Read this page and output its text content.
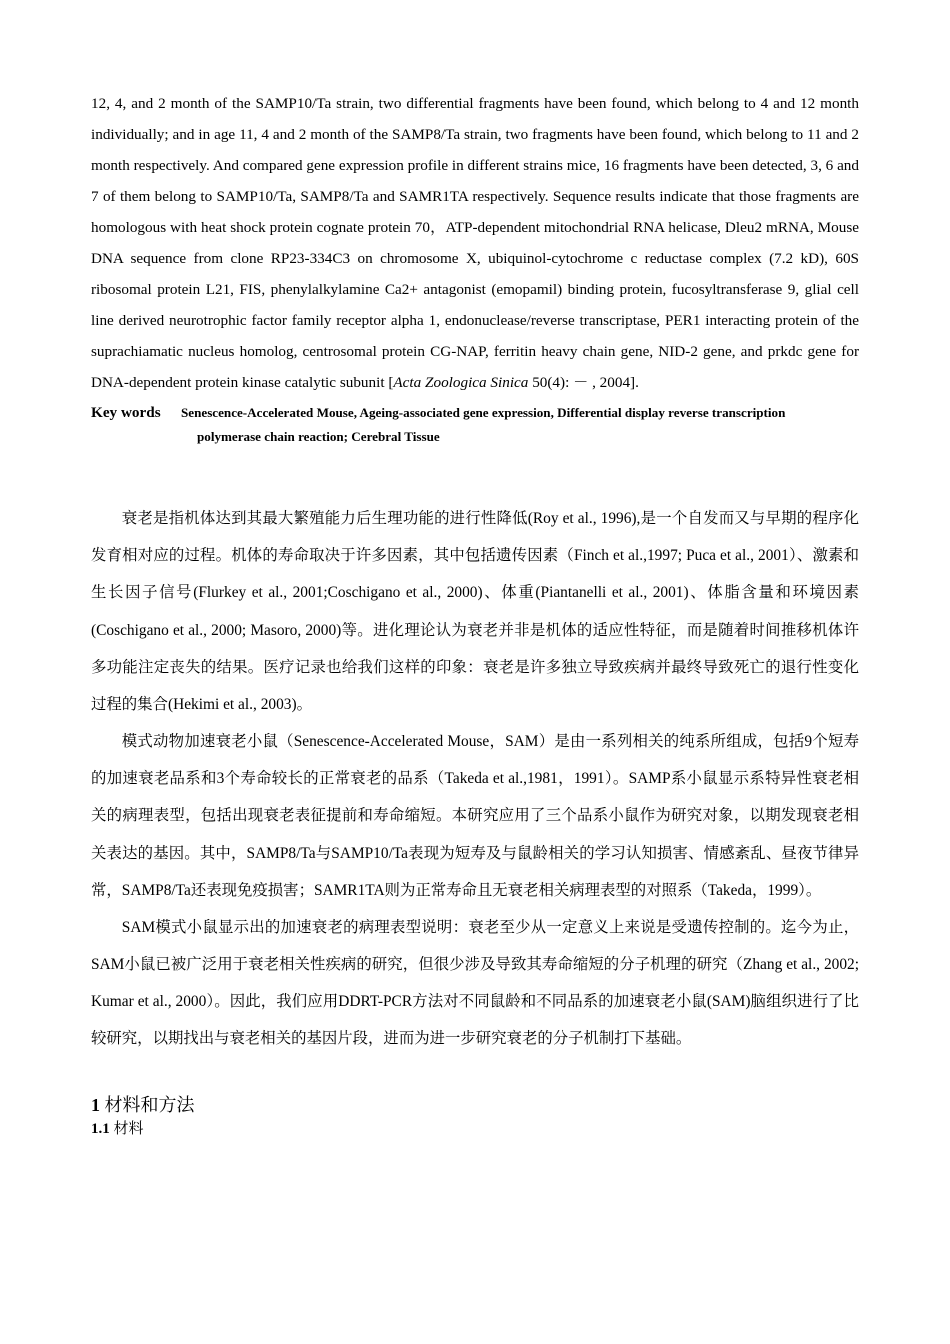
12, 4, and 2 month of the SAMP10/Ta strain, two differential fragments have been found, which belong to 4 and 12 month individually; and in age 11, 4 and 2 month of the SAMP8/Ta strain, two fragments have been found, which belong to 11 and 2 month respectively. And compared gene expression profile in different strains mice, 16 fragments have been detected, 3, 6 and 7 of them belong to SAMP10/Ta, SAMP8/Ta and SAMR1TA respectively. Sequence results indicate that those fragments are homologous with heat shock protein cognate protein 70，ATP-dependent mitochondrial RNA helicase, Dleu2 mRNA, Mouse DNA sequence from clone RP23-334C3 on chromosome X, ubiquinol-cytochrome c reductase complex (7.2 kD), 60S ribosomal protein L21, FIS, phenylalkylamine Ca2+ antagonist (emopamil) binding protein, fucosyltransferase 9, glial cell line derived neurotrophic factor family receptor alpha 1, endonuclease/reverse transcriptase, PER1 interacting protein of the suprachiamatic nucleus homolog, centrosomal protein CG-NAP, ferritin heavy chain gene, NID-2 gene, and prkdc gene for DNA-dependent protein kinase catalytic subunit [Acta Zoologica Sinica 50(4): － , 2004].

Key words	Senescence-Accelerated Mouse, Ageing-associated gene expression, Differential display reverse transcription
polymerase chain reaction; Cerebral Tissue

衰老是指机体达到其最大繁殖能力后生理功能的进行性降低(Roy et al., 1996),是一个自发而又与早期的程序化发育相对应的过程。机体的寿命取决于许多因素，其中包括遗传因素（Finch et al.,1997; Puca et al., 2001）、激素和生长因子信号(Flurkey et al., 2001;Coschigano et al., 2000)、体重(Piantanelli et al., 2001)、体脂含量和环境因素(Coschigano et al., 2000; Masoro, 2000)等。进化理论认为衰老并非是机体的适应性特征，而是随着时间推移机体许多功能注定丧失的结果。医疗记录也给我们这样的印象：衰老是许多独立导致疾病并最终导致死亡的退行性变化过程的集合(Hekimi et al., 2003)。

模式动物加速衰老小鼠（Senescence-Accelerated Mouse，SAM）是由一系列相关的纯系所组成，包括9个短寿的加速衰老品系和3个寿命较长的正常衰老的品系（Takeda et al.,1981，1991）。SAMP系小鼠显示系特异性衰老相关的病理表型，包括出现衰老表征提前和寿命缩短。本研究应用了三个品系小鼠作为研究对象，以期发现衰老相关表达的基因。其中，SAMP8/Ta与SAMP10/Ta表现为短寿及与鼠龄相关的学习认知损害、情感紊乱、昼夜节律异常，SAMP8/Ta还表现免疫损害；SAMR1TA则为正常寿命且无衰老相关病理表型的对照系（Takeda，1999）。

SAM模式小鼠显示出的加速衰老的病理表型说明：衰老至少从一定意义上来说是受遗传控制的。迄今为止，SAM小鼠已被广泛用于衰老相关性疾病的研究，但很少涉及导致其寿命缩短的分子机理的研究（Zhang et al., 2002; Kumar et al., 2000）。因此，我们应用DDRT-PCR方法对不同鼠龄和不同品系的加速衰老小鼠(SAM)脑组织进行了比较研究，以期找出与衰老相关的基因片段，进而为进一步研究衰老的分子机制打下基础。

1 材料和方法
1.1 材料
